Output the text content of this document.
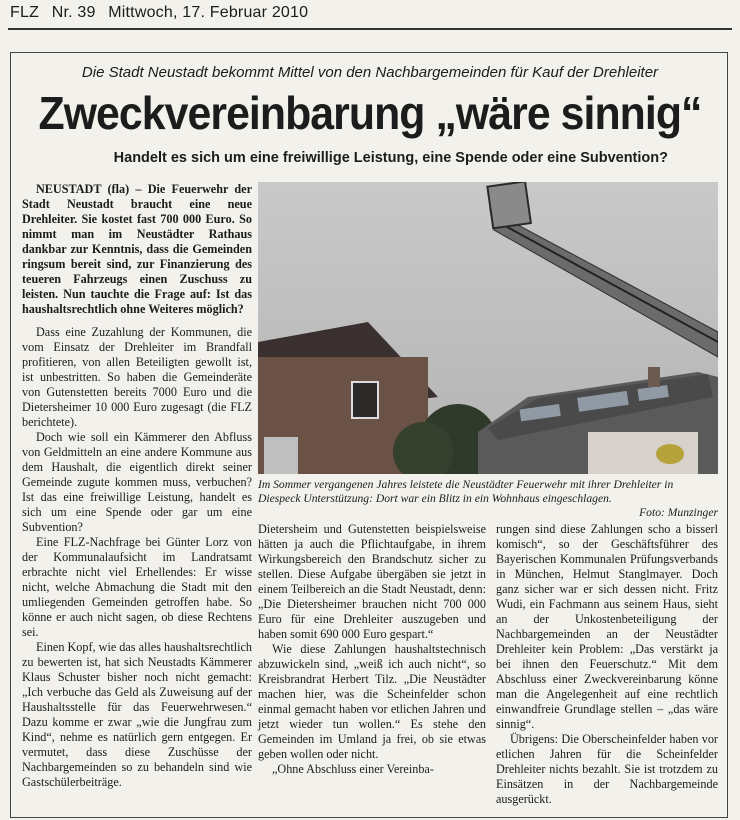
FLZ Nr. 39 Mittwoch, 17. Februar 2010
Die Stadt Neustadt bekommt Mittel von den Nachbargemeinden für Kauf der Drehleiter
Zweckvereinbarung „wäre sinnig“
Handelt es sich um eine freiwillige Leistung, eine Spende oder eine Subvention?

NEUSTADT (fla) – Die Feuerwehr der Stadt Neustadt braucht eine neue Drehleiter. Sie kostet fast 700 000 Euro. So nimmt man im Neustädter Rathaus dankbar zur Kenntnis, dass die Gemeinden ringsum bereit sind, zur Finanzierung des teueren Fahrzeugs einen Zuschuss zu leisten. Nun tauchte die Frage auf: Ist das haushaltsrechtlich ohne Weiteres möglich?

Dass eine Zuzahlung der Kommunen, die vom Einsatz der Drehleiter im Brandfall profitieren, von allen Beteiligten gewollt ist, ist unbestritten. So haben die Gemeinderäte von Gutenstetten bereits 7000 Euro und die Dietersheimer 10 000 Euro zugesagt (die FLZ berichtete).

Doch wie soll ein Kämmerer den Abfluss von Geldmitteln an eine andere Kommune aus dem Haushalt, die eigentlich direkt seiner Gemeinde zugute kommen muss, verbuchen? Ist das eine freiwillige Leistung, handelt es sich um eine Spende oder gar um eine Subvention?

Eine FLZ-Nachfrage bei Günter Lorz von der Kommunalaufsicht im Landratsamt erbrachte nicht viel Erhellendes: Er wisse nicht, welche Abmachung die Stadt mit den umliegenden Gemeinden getroffen habe. So könne er auch nicht sagen, ob diese Rechtens sei.

Einen Kopf, wie das alles haushaltsrechtlich zu bewerten ist, hat sich Neustadts Kämmerer Klaus Schuster bisher noch nicht gemacht: „Ich verbuche das Geld als Zuweisung auf der Haushaltsstelle für das Feuerwehrwesen.“ Dazu komme er zwar „wie die Jungfrau zum Kind“, nehme es natürlich gern entgegen. Er vermutet, dass diese Zuschüsse der Nachbargemeinden so zu behandeln sind wie Gastschülerbeiträge.

Im Sommer vergangenen Jahres leistete die Neustädter Feuerwehr mit ihrer Drehleiter in Diespeck Unterstützung: Dort war ein Blitz in ein Wohnhaus eingeschlagen.
Foto: Munzinger

Dietersheim und Gutenstetten beispielsweise hätten ja auch die Pflichtaufgabe, in ihrem Wirkungsbereich den Brandschutz sicher zu stellen. Diese Aufgabe übergäben sie jetzt in einem Teilbereich an die Stadt Neustadt, denn: „Die Dietersheimer brauchen nicht 700 000 Euro für eine Drehleiter auszugeben und haben somit 690 000 Euro gespart.“

Wie diese Zahlungen haushaltstechnisch abzuwickeln sind, „weiß ich auch nicht“, so Kreisbrandrat Herbert Tilz. „Die Neustädter machen hier, was die Scheinfelder schon einmal gemacht haben vor etlichen Jahren und jetzt wieder tun wollen.“ Es stehe den Gemeinden im Umland ja frei, ob sie etwas geben wollen oder nicht.

„Ohne Abschluss einer Vereinba-

rungen sind diese Zahlungen scho a bisserl komisch“, so der Geschäftsführer des Bayerischen Kommunalen Prüfungsverbands in München, Helmut Stanglmayer. Doch ganz sicher war er sich dessen nicht. Fritz Wudi, ein Fachmann aus seinem Haus, sieht an der Unkostenbeteiligung der Nachbargemeinden an der Neustädter Drehleiter kein Problem: „Das verstärkt ja bei ihnen den Feuerschutz.“ Mit dem Abschluss einer Zweckvereinbarung könne man die Angelegenheit auf eine rechtlich einwandfreie Grundlage stellen – „das wäre sinnig“.

Übrigens: Die Oberscheinfelder haben vor etlichen Jahren für die Scheinfelder Drehleiter nichts bezahlt. Sie ist trotzdem zu Einsätzen in der Nachbargemeinde ausgerückt.
